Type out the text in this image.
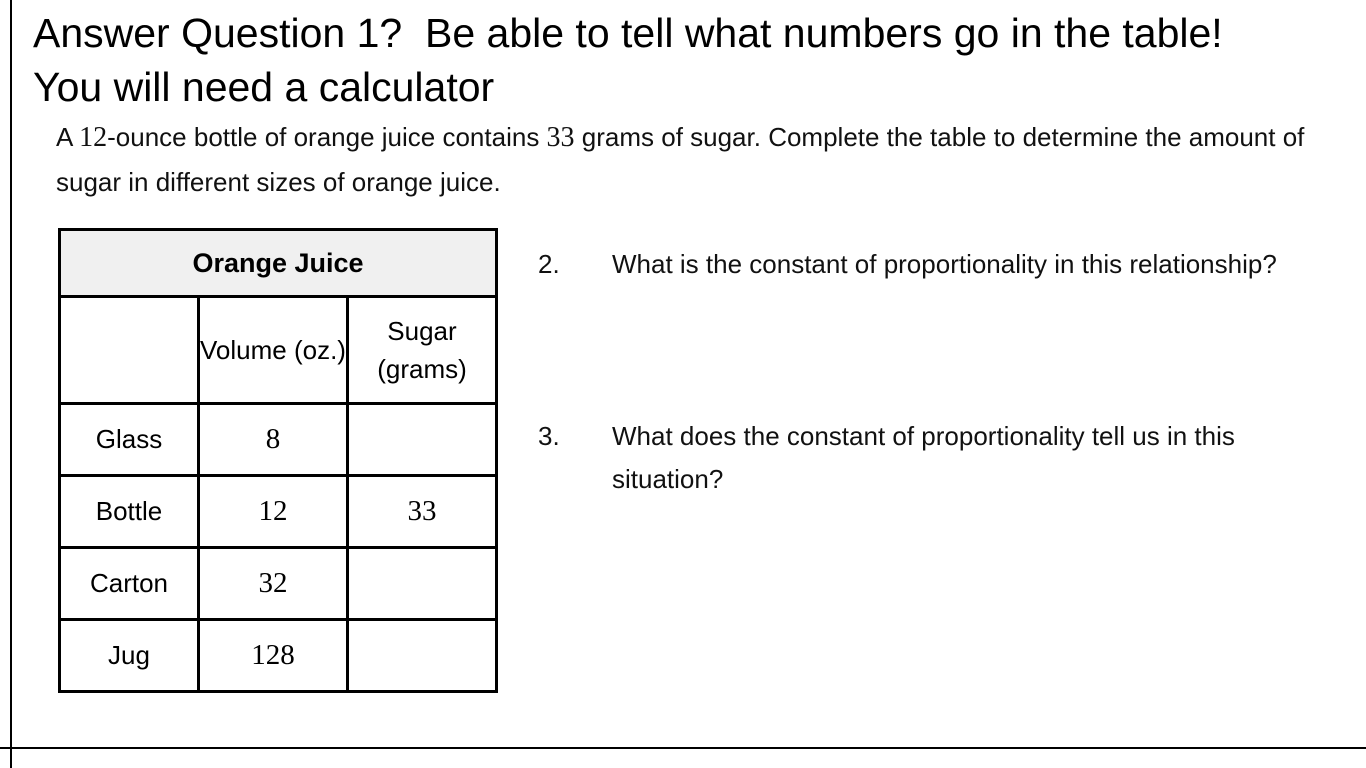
Answer Question 1?  Be able to tell what numbers go in the table!
You will need a calculator
A 12-ounce bottle of orange juice contains 33 grams of sugar. Complete the table to determine the amount of sugar in different sizes of orange juice.
Orange Juice		
	Volume (oz.)	Sugar (grams)
Glass	8	
Bottle	12	33
Carton	32	
Jug	128	
2. What is the constant of proportionality in this relationship?
3. What does the constant of proportionality tell us in this situation?
